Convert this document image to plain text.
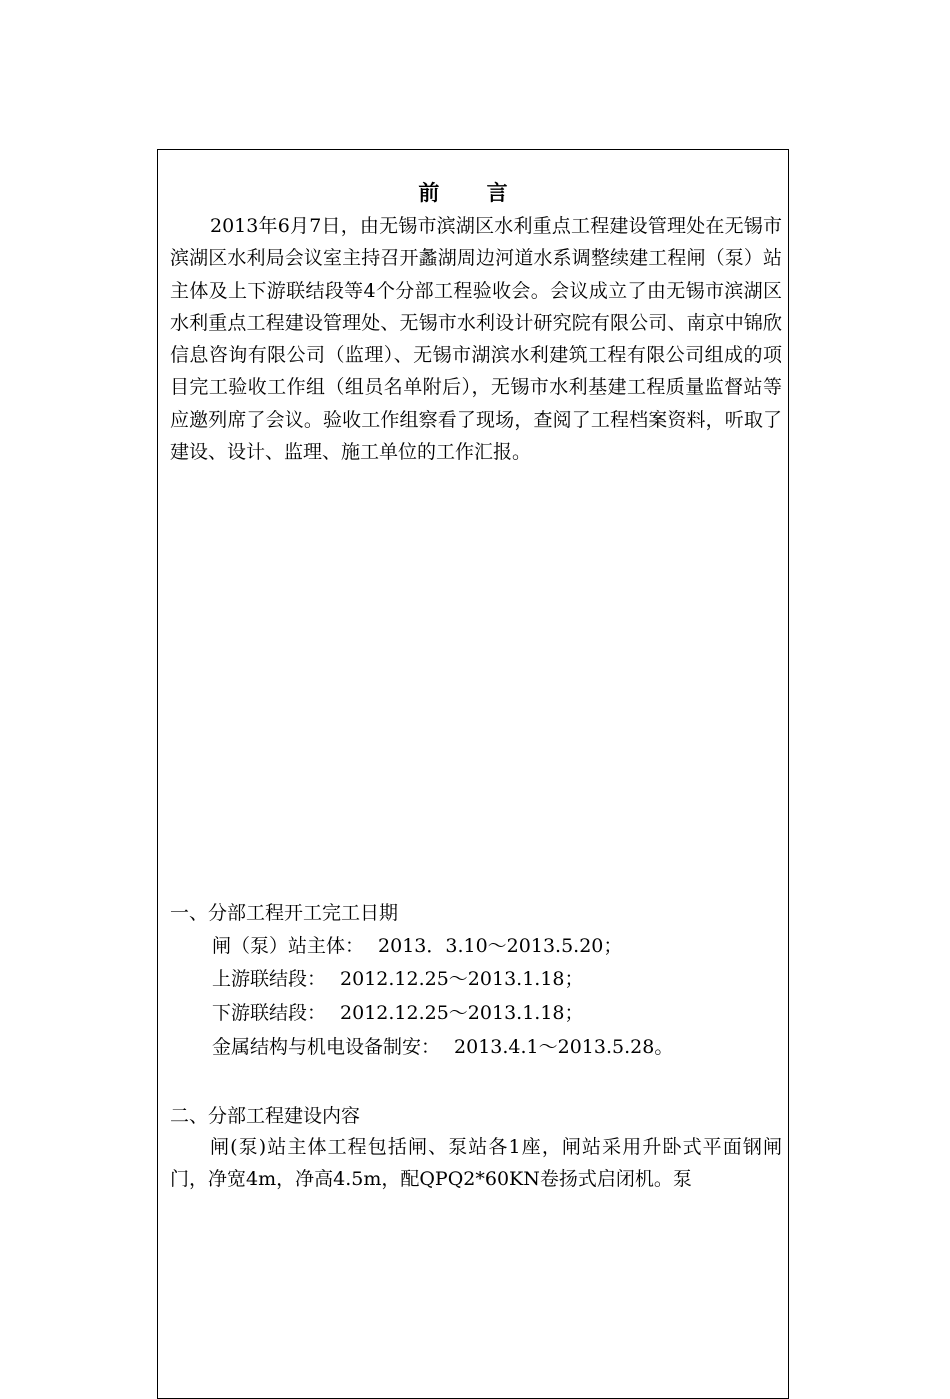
前 言

2013年6月7日，由无锡市滨湖区水利重点工程建设管理处在无锡市滨湖区水利局会议室主持召开蠡湖周边河道水系调整续建工程闸（泵）站主体及上下游联结段等4个分部工程验收会。会议成立了由无锡市滨湖区水利重点工程建设管理处、无锡市水利设计研究院有限公司、南京中锦欣信息咨询有限公司（监理）、无锡市湖滨水利建筑工程有限公司组成的项目完工验收工作组（组员名单附后），无锡市水利基建工程质量监督站等应邀列席了会议。验收工作组察看了现场，查阅了工程档案资料，听取了建设、设计、监理、施工单位的工作汇报。

一、分部工程开工完工日期
闸（泵）站主体： 2013．3.10～2013.5.20；
上游联结段： 2012.12.25～2013.1.18；
下游联结段： 2012.12.25～2013.1.18；
金属结构与机电设备制安： 2013.4.1～2013.5.28。
二、分部工程建设内容

闸(泵)站主体工程包括闸、泵站各1座，闸站采用升卧式平面钢闸门，净宽4m，净高4.5m，配QPQ2*60KN卷扬式启闭机。泵
